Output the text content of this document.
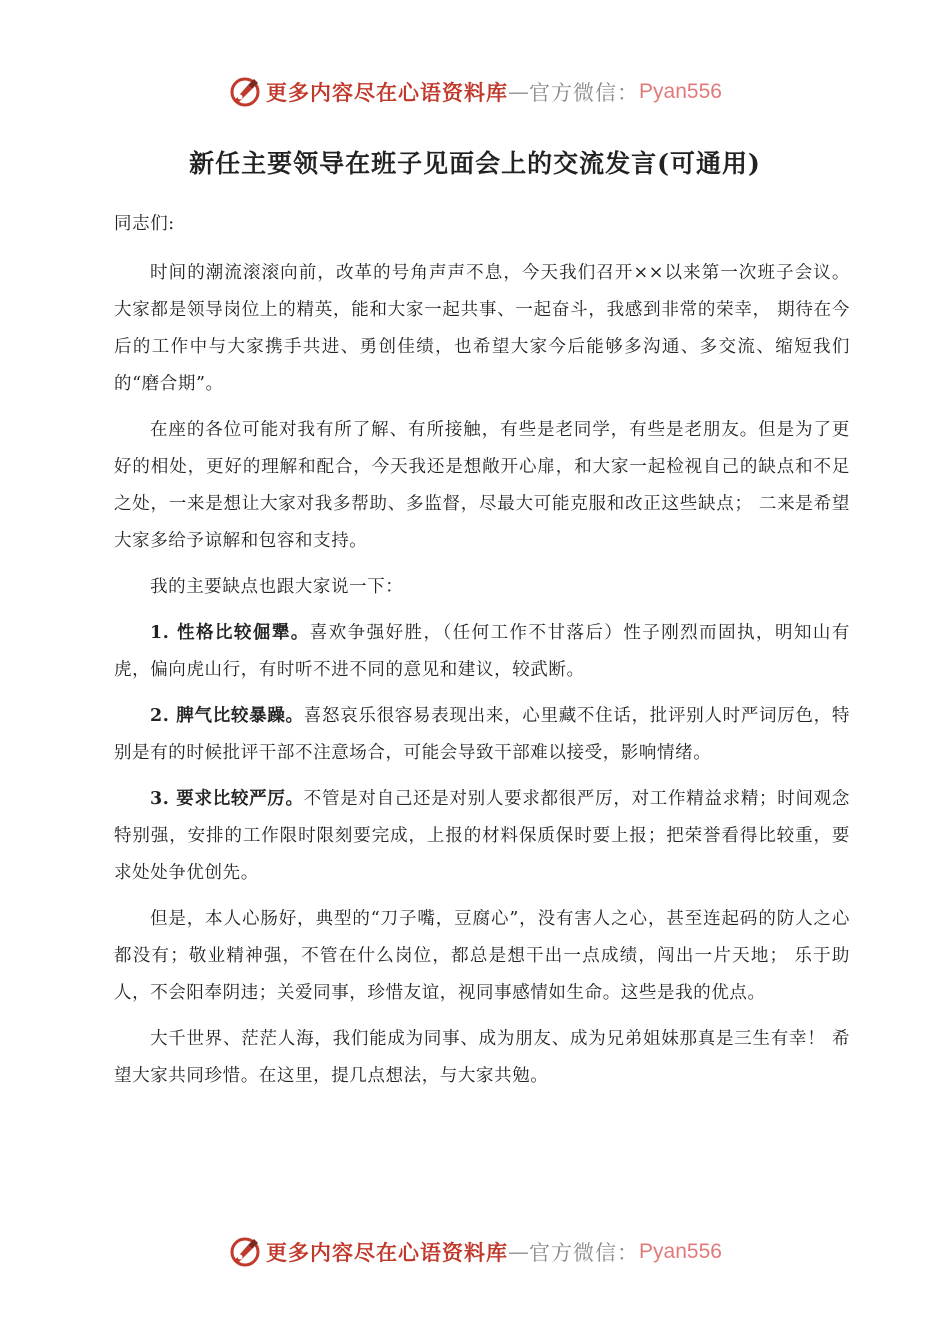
更多内容尽在心语资料库 — 官方微信： Pyan556
新任主要领导在班子见面会上的交流发言(可通用)

同志们:

时间的潮流滚滚向前，改革的号角声声不息，今天我们召开××以来第一次班子会议。大家都是领导岗位上的精英，能和大家一起共事、一起奋斗，我感到非常的荣幸， 期待在今后的工作中与大家携手共进、勇创佳绩，也希望大家今后能够多沟通、多交流、缩短我们的“磨合期”。

在座的各位可能对我有所了解、有所接触，有些是老同学，有些是老朋友。但是为了更好的相处，更好的理解和配合，今天我还是想敞开心扉，和大家一起检视自己的缺点和不足之处，一来是想让大家对我多帮助、多监督，尽最大可能克服和改正这些缺点； 二来是希望大家多给予谅解和包容和支持。

我的主要缺点也跟大家说一下：

1. 性格比较倔犟。喜欢争强好胜，（任何工作不甘落后）性子刚烈而固执，明知山有虎，偏向虎山行，有时听不进不同的意见和建议，较武断。

2. 脾气比较暴躁。喜怒哀乐很容易表现出来，心里藏不住话，批评别人时严词厉色，特别是有的时候批评干部不注意场合，可能会导致干部难以接受，影响情绪。

3. 要求比较严厉。不管是对自己还是对别人要求都很严厉，对工作精益求精；时间观念特别强，安排的工作限时限刻要完成，上报的材料保质保时要上报；把荣誉看得比较重，要求处处争优创先。

但是，本人心肠好，典型的“刀子嘴，豆腐心”，没有害人之心，甚至连起码的防人之心都没有；敬业精神强，不管在什么岗位，都总是想干出一点成绩，闯出一片天地； 乐于助人，不会阳奉阴违；关爱同事，珍惜友谊，视同事感情如生命。这些是我的优点。

大千世界、茫茫人海，我们能成为同事、成为朋友、成为兄弟姐妹那真是三生有幸！ 希望大家共同珍惜。在这里，提几点想法，与大家共勉。

更多内容尽在心语资料库 — 官方微信： Pyan556
